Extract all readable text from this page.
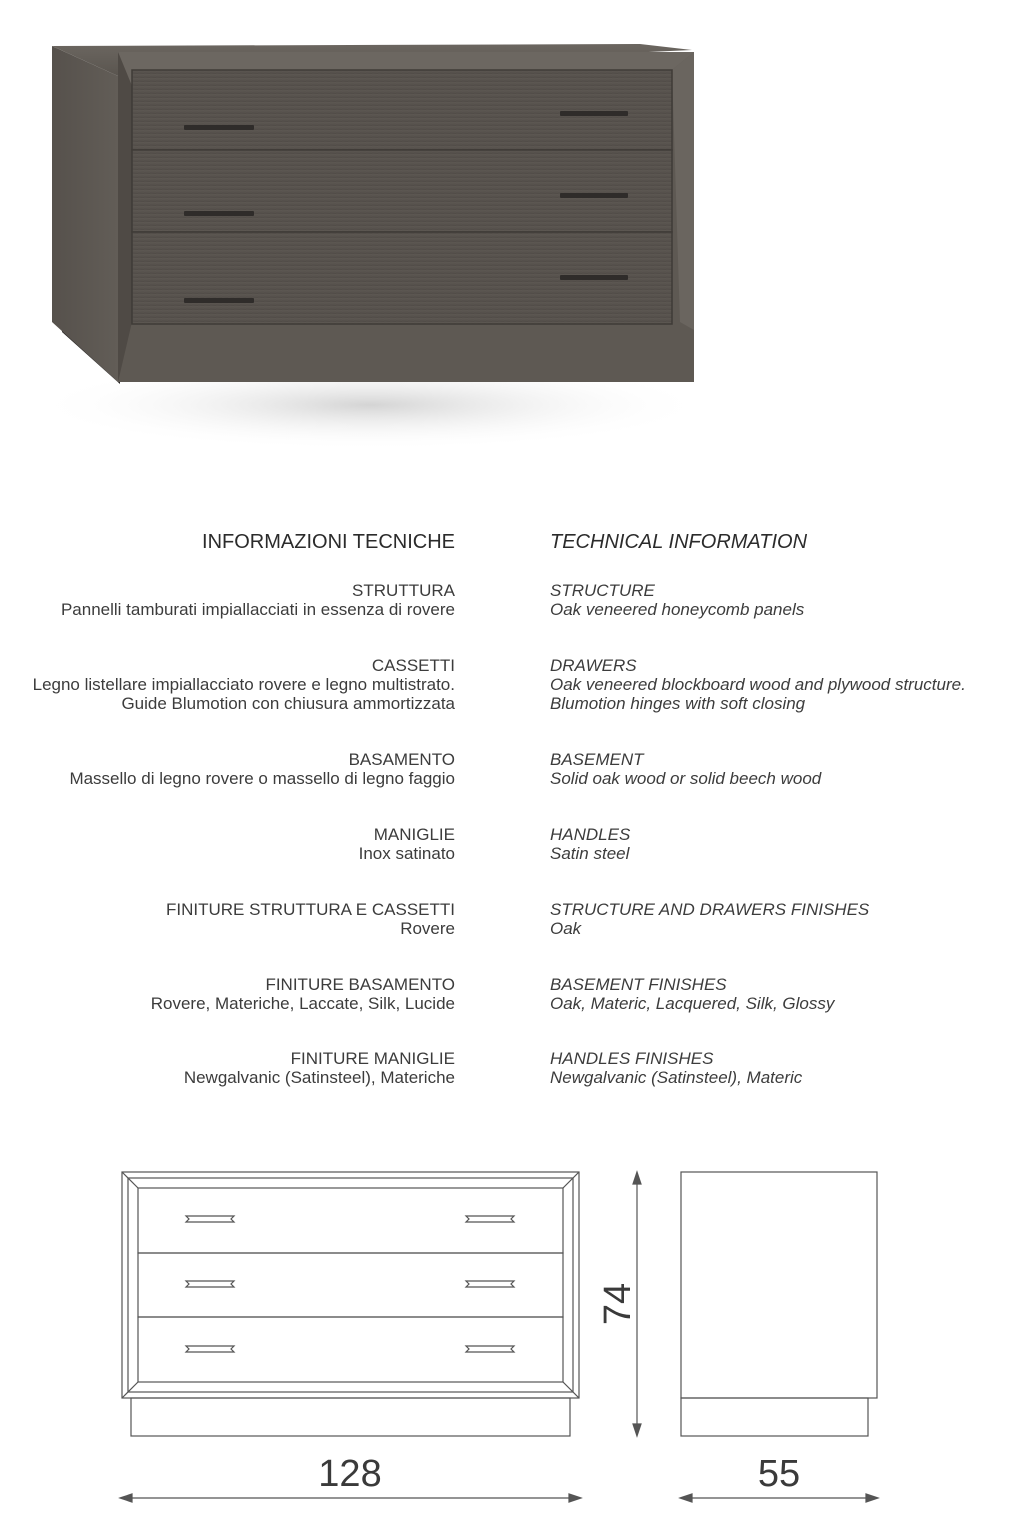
INFORMAZIONI TECNICHE
STRUTTURA
Pannelli tamburati impiallacciati in essenza di rovere
CASSETTI
Legno listellare impiallacciato rovere e legno multistrato.
Guide Blumotion con chiusura ammortizzata
BASAMENTO
Massello di legno rovere o massello di legno faggio
MANIGLIE
Inox satinato
FINITURE STRUTTURA E CASSETTI
Rovere
FINITURE BASAMENTO
Rovere, Materiche, Laccate, Silk, Lucide
FINITURE MANIGLIE
Newgalvanic (Satinsteel), Materiche
TECHNICAL INFORMATION
STRUCTURE
Oak veneered honeycomb panels
DRAWERS
Oak veneered blockboard wood and plywood structure.
Blumotion hinges with soft closing
BASEMENT
Solid oak wood or solid beech wood
HANDLES
Satin steel
STRUCTURE AND DRAWERS FINISHES
Oak
BASEMENT FINISHES
Oak, Materic, Lacquered, Silk, Glossy
HANDLES FINISHES
Newgalvanic (Satinsteel), Materic
128	55
74
